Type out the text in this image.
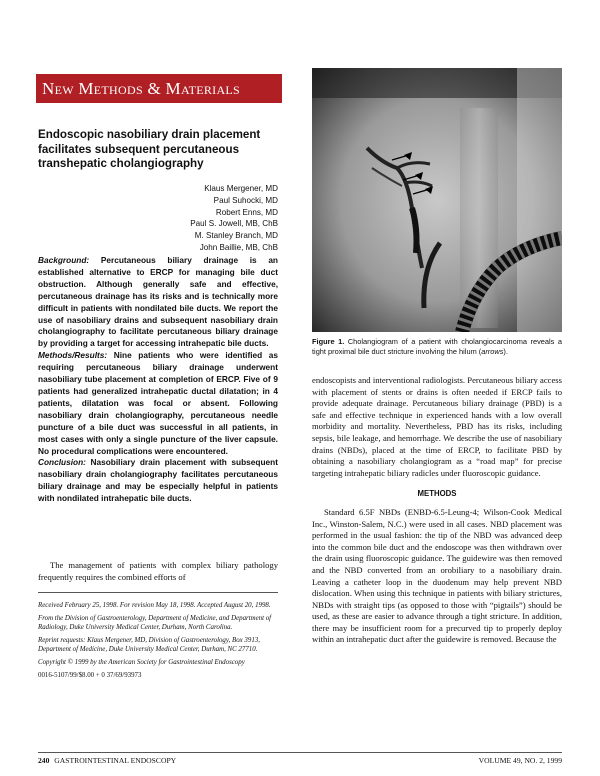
New Methods & Materials
Endoscopic nasobiliary drain placement facilitates subsequent percutaneous transhepatic cholangiography
Klaus Mergener, MD
Paul Suhocki, MD
Robert Enns, MD
Paul S. Jowell, MB, ChB
M. Stanley Branch, MD
John Baillie, MB, ChB

Background: Percutaneous biliary drainage is an established alternative to ERCP for managing bile duct obstruction. Although generally safe and effective, percutaneous drainage has its risks and is technically more difficult in patients with nondilated bile ducts. We report the use of nasobiliary drains and subsequent nasobiliary drain cholangiography to facilitate percutaneous biliary drainage by providing a target for accessing intrahepatic bile ducts.

Methods/Results: Nine patients who were identified as requiring percutaneous biliary drainage underwent nasobiliary tube placement at completion of ERCP. Five of 9 patients had generalized intrahepatic ductal dilatation; in 4 patients, dilatation was focal or absent. Following nasobiliary drain cholangiography, percutaneous needle puncture of a bile duct was successful in all patients, in most cases with only a single puncture of the liver capsule. No procedural complications were encountered.

Conclusion: Nasobiliary drain placement with subsequent nasobiliary drain cholangiography facilitates percutaneous biliary drainage and may be especially helpful in patients with nondilated intrahepatic bile ducts.

The management of patients with complex biliary pathology frequently requires the combined efforts of

Received February 25, 1998. For revision May 18, 1998. Accepted August 20, 1998.

From the Division of Gastroenterology, Department of Medicine, and Department of Radiology, Duke University Medical Center, Durham, North Carolina.

Reprint requests: Klaus Mergener, MD, Division of Gastroenterology, Box 3913, Department of Medicine, Duke University Medical Center, Durham, NC 27710.

Copyright © 1999 by the American Society for Gastrointestinal Endoscopy

0016-5107/99/$8.00 + 0 37/69/93973

Figure 1. Cholangiogram of a patient with cholangiocarcinoma reveals a tight proximal bile duct stricture involving the hilum (arrows).

endoscopists and interventional radiologists. Percutaneous biliary access with placement of stents or drains is often needed if ERCP fails to provide adequate drainage. Percutaneous biliary drainage (PBD) is a safe and effective technique in experienced hands with a low overall morbidity and mortality. Nevertheless, PBD has its risks, including sepsis, bile leakage, and hemorrhage. We describe the use of nasobiliary drains (NBDs), placed at the time of ERCP, to facilitate PBD by obtaining a nasobiliary cholangiogram as a “road map” for precise targeting intrahepatic biliary radicles under fluoroscopic guidance.

METHODS

Standard 6.5F NBDs (ENBD-6.5-Leung-4; Wilson-Cook Medical Inc., Winston-Salem, N.C.) were used in all cases. NBD placement was performed in the usual fashion: the tip of the NBD was advanced deep into the common bile duct and the endoscope was then withdrawn over the drain using fluoroscopic guidance. The guidewire was then removed and the NBD converted from an orobiliary to a nasobiliary drain. Leaving a catheter loop in the duodenum may help prevent NBD dislocation. When using this technique in patients with biliary strictures, NBDs with straight tips (as opposed to those with “pigtails”) should be used, as these are easier to advance through a tight stricture. In addition, there may be insufficient room for a precurved tip to properly deploy within an intrahepatic duct after the guidewire is removed. Because the

240 GASTROINTESTINAL ENDOSCOPY	VOLUME 49, NO. 2, 1999
